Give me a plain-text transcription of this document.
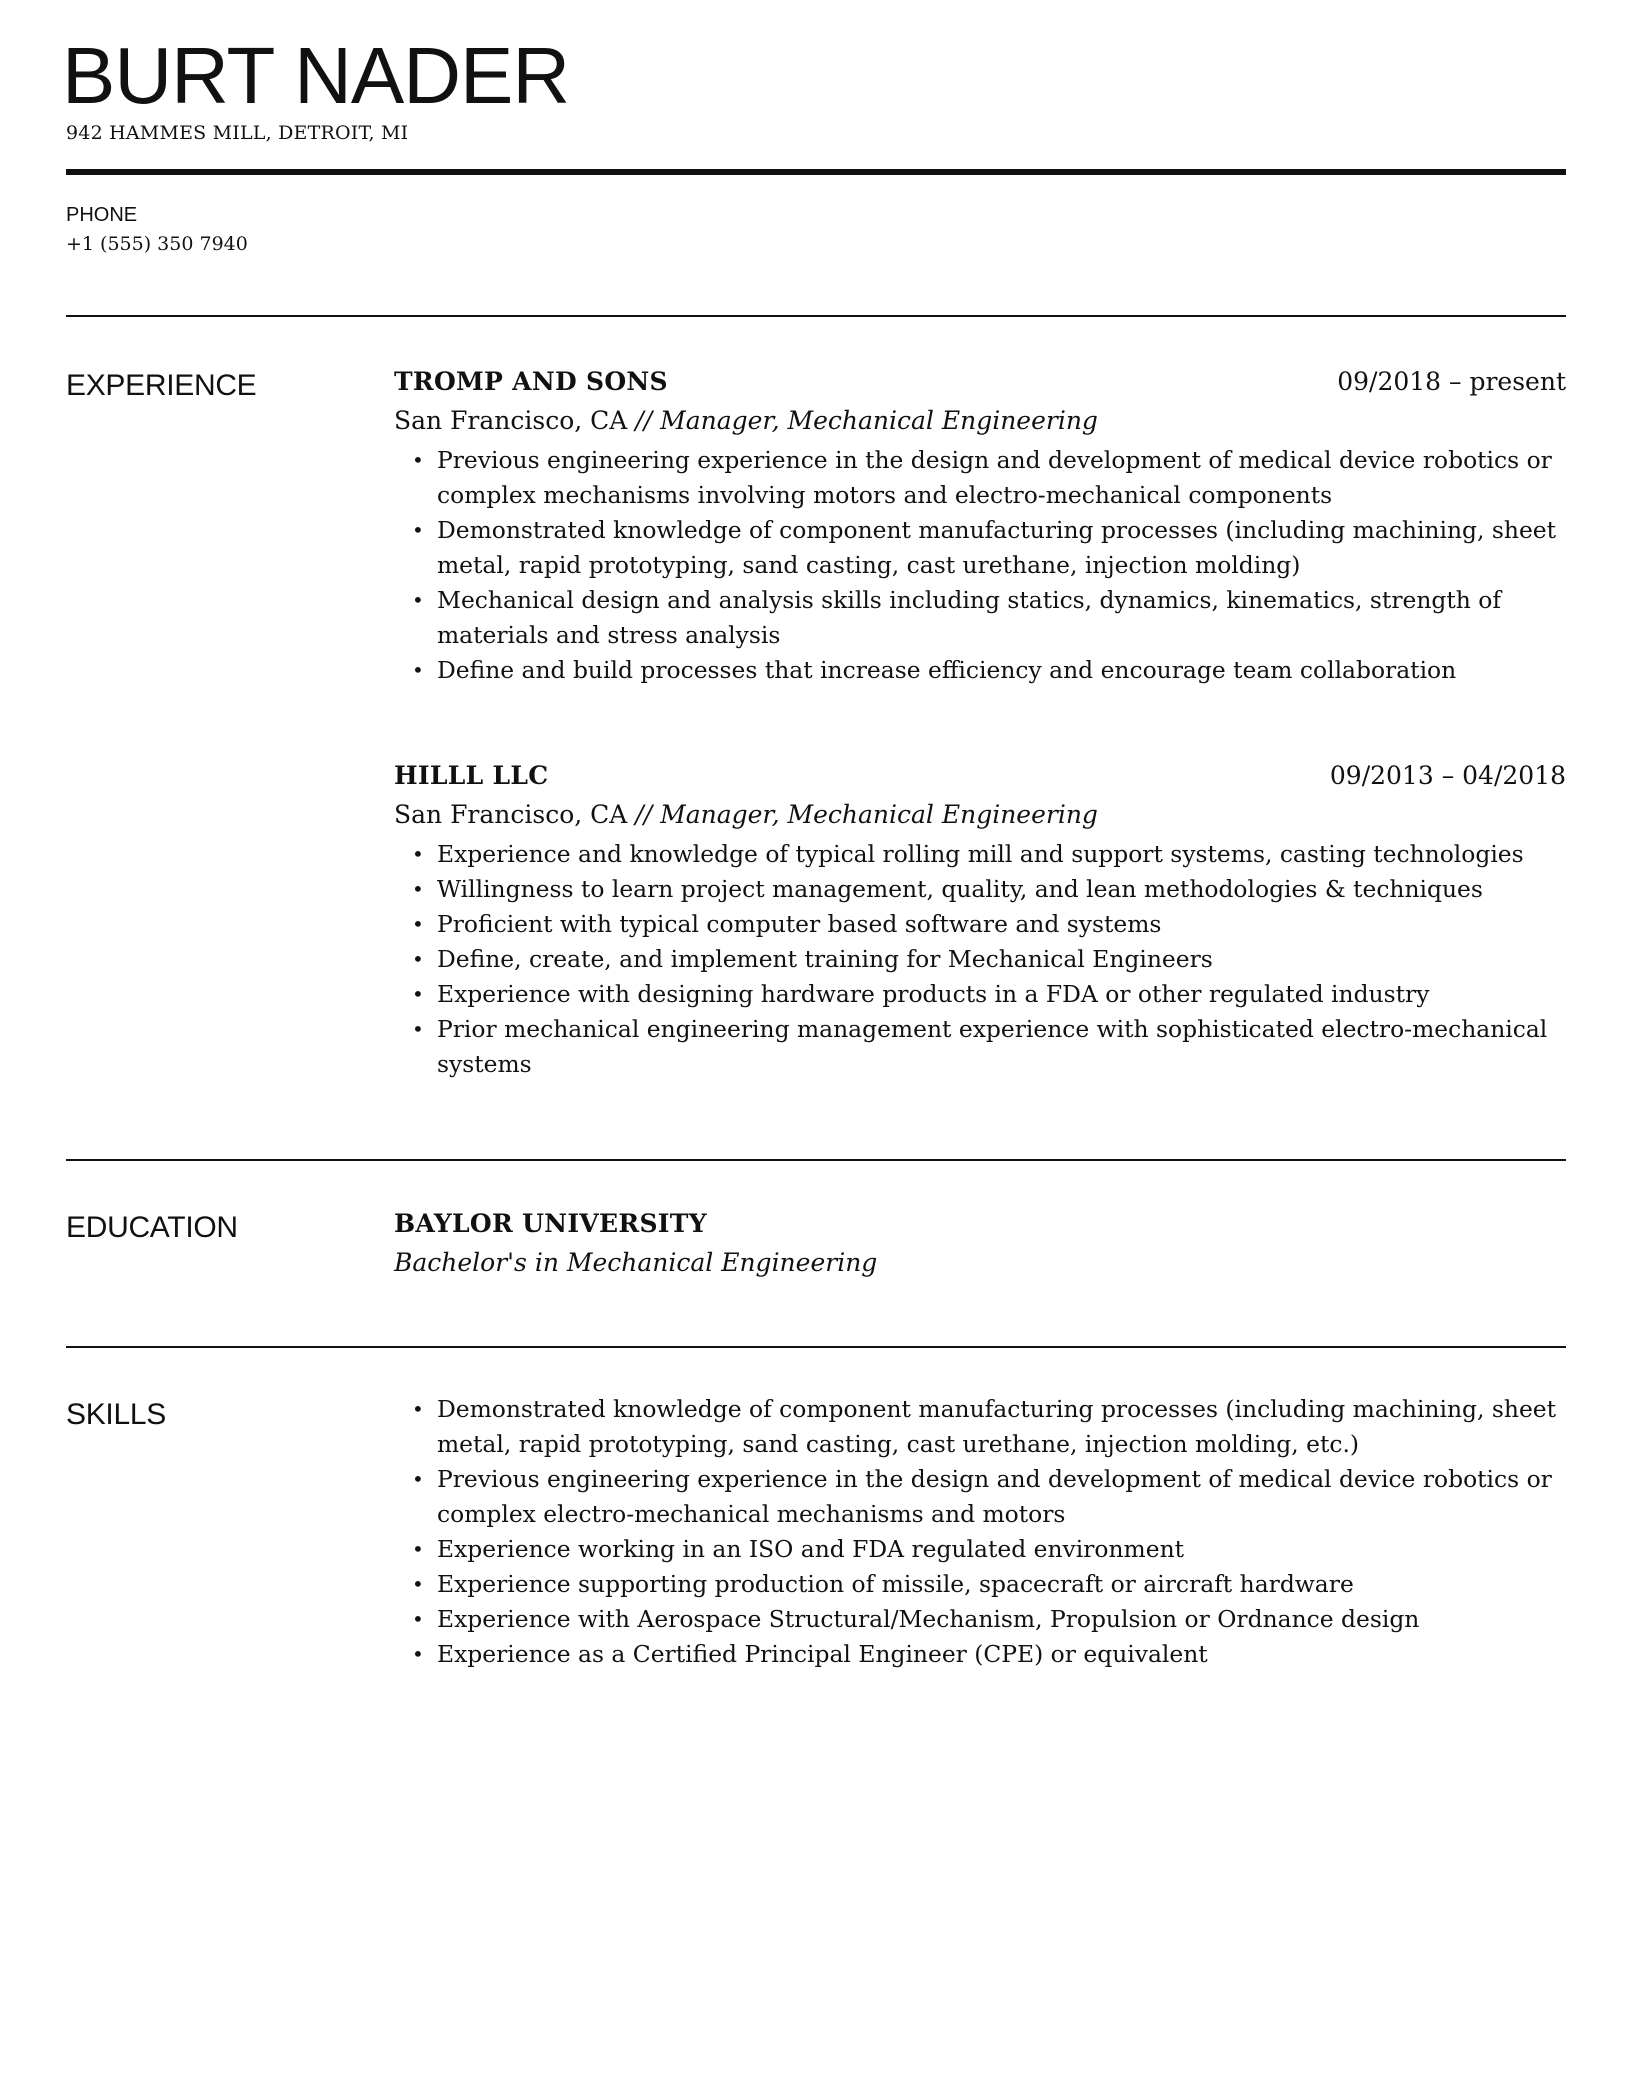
BURT NADER
942 HAMMES MILL, DETROIT, MI
PHONE
+1 (555) 350 7940
EXPERIENCE	TROMP AND SONS	09/2018 – present
San Francisco, CA // Manager, Mechanical Engineering
• Previous engineering experience in the design and development of medical device robotics or complex mechanisms involving motors and electro-mechanical components
• Demonstrated knowledge of component manufacturing processes (including machining, sheet metal, rapid prototyping, sand casting, cast urethane, injection molding)
• Mechanical design and analysis skills including statics, dynamics, kinematics, strength of materials and stress analysis
• Define and build processes that increase efficiency and encourage team collaboration
HILLL LLC	09/2013 – 04/2018
San Francisco, CA // Manager, Mechanical Engineering
• Experience and knowledge of typical rolling mill and support systems, casting technologies
• Willingness to learn project management, quality, and lean methodologies & techniques
• Proficient with typical computer based software and systems
• Define, create, and implement training for Mechanical Engineers
• Experience with designing hardware products in a FDA or other regulated industry
• Prior mechanical engineering management experience with sophisticated electro-mechanical systems
EDUCATION	BAYLOR UNIVERSITY
Bachelor's in Mechanical Engineering
SKILLS	• Demonstrated knowledge of component manufacturing processes (including machining, sheet metal, rapid prototyping, sand casting, cast urethane, injection molding, etc.)
• Previous engineering experience in the design and development of medical device robotics or complex electro-mechanical mechanisms and motors
• Experience working in an ISO and FDA regulated environment
• Experience supporting production of missile, spacecraft or aircraft hardware
• Experience with Aerospace Structural/Mechanism, Propulsion or Ordnance design
• Experience as a Certified Principal Engineer (CPE) or equivalent
